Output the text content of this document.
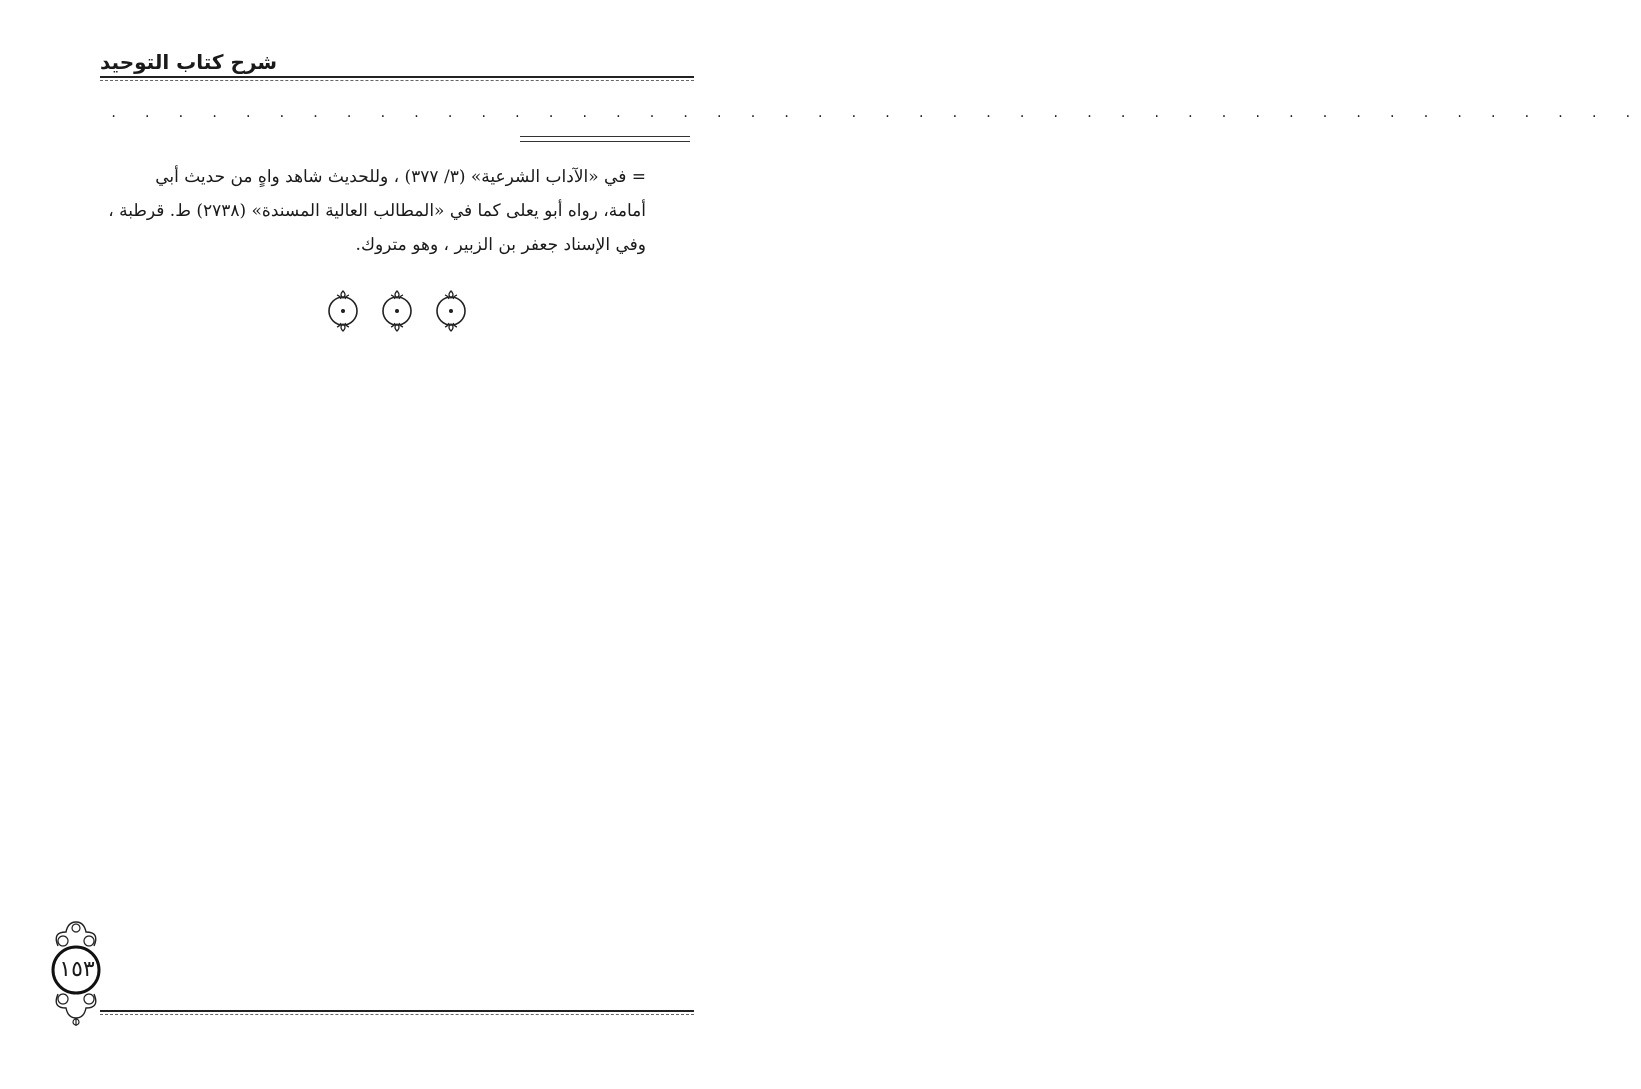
شرح كتاب التوحيد
. . . . . . . . . . . . . . . . . . . . . . . . . . . . . . . . . . . . . . . . . . . . . .

= في «الآداب الشرعية» (٣/ ٣٧٧) ، وللحديث شاهد واهٍ من حديث أبي

أمامة، رواه أبو يعلى كما في «المطالب العالية المسندة» (٢٧٣٨) ط. قرطبة ،

وفي الإسناد جعفر بن الزبير ، وهو متروك.

١٥٣
